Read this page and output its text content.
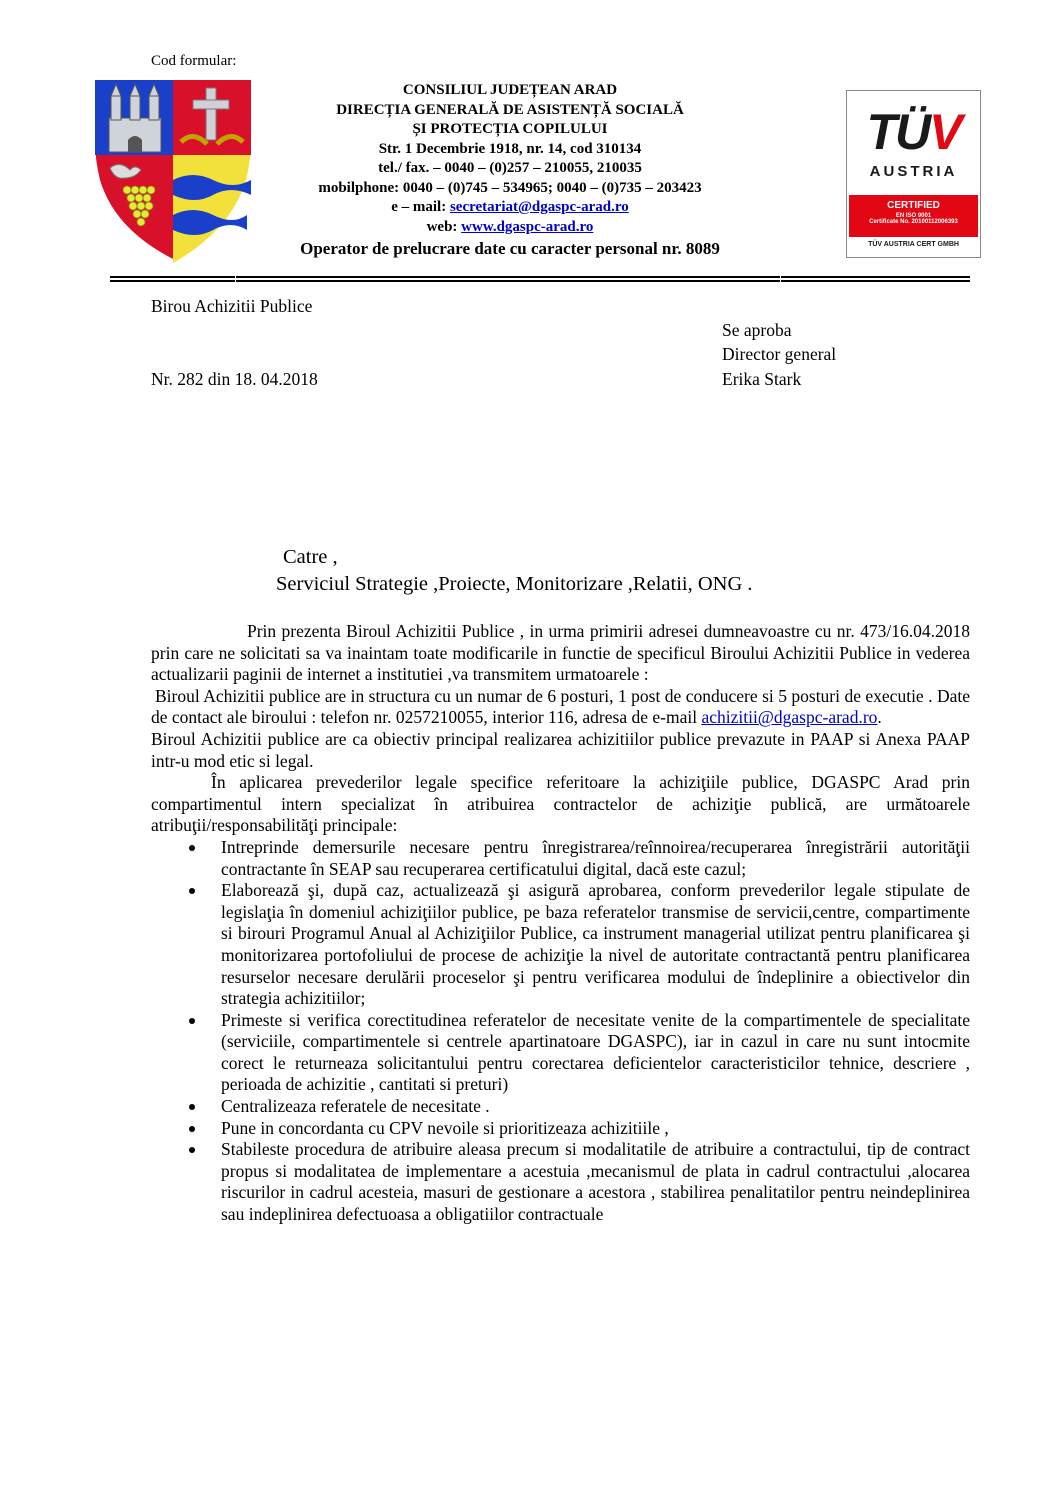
Cod formular:
CONSILIUL JUDEȚEAN ARAD
DIRECȚIA GENERALĂ DE ASISTENȚĂ SOCIALĂ
ȘI PROTECȚIA COPILULUI
Str. 1 Decembrie 1918, nr. 14, cod 310134
tel./ fax. – 0040 – (0)257 – 210055, 210035
mobilphone: 0040 – (0)745 – 534965; 0040 – (0)735 – 203423
e – mail: secretariat@dgaspc-arad.ro
web: www.dgaspc-arad.ro
Operator de prelucrare date cu caracter personal nr. 8089
TÜV
AUSTRIA
CERTIFIED
EN ISO 9001
Certificate No. 20100112006393
TÜV AUSTRIA CERT GMBH
Birou Achizitii Publice
Se aproba
Director general
Erika Stark
Nr. 282 din 18. 04.2018
Catre ,
Serviciul Strategie ,Proiecte, Monitorizare ,Relatii, ONG .

Prin prezenta Biroul Achizitii Publice , in urma primirii adresei dumneavoastre cu nr. 473/16.04.2018 prin care ne solicitati sa va inaintam toate modificarile in functie de specificul Biroului Achizitii Publice in vederea actualizarii paginii de internet a institutiei ,va transmitem urmatoarele :

Biroul Achizitii publice are in structura cu un numar de 6 posturi, 1 post de conducere si 5 posturi de executie . Date de contact ale biroului : telefon nr. 0257210055, interior 116, adresa de e-mail achizitii@dgaspc-arad.ro.

Biroul Achizitii publice are ca obiectiv principal realizarea achizitiilor publice prevazute in PAAP si Anexa PAAP intr-u mod etic si legal.

În aplicarea prevederilor legale specifice referitoare la achiziţiile publice, DGASPC Arad prin compartimentul intern specializat în atribuirea contractelor de achiziţie publică, are următoarele atribuţii/responsabilităţi principale:

Intreprinde demersurile necesare pentru înregistrarea/reînnoirea/recuperarea înregistrării autorităţii contractante în SEAP sau recuperarea certificatului digital, dacă este cazul;
Elaborează şi, după caz, actualizează şi asigură aprobarea, conform prevederilor legale stipulate de legislaţia în domeniul achiziţiilor publice, pe baza referatelor transmise de servicii,centre, compartimente si birouri Programul Anual al Achiziţiilor Publice, ca instrument managerial utilizat pentru planificarea şi monitorizarea portofoliului de procese de achiziţie la nivel de autoritate contractantă pentru planificarea resurselor necesare derulării proceselor şi pentru verificarea modului de îndeplinire a obiectivelor din strategia achizitiilor;
Primeste si verifica corectitudinea referatelor de necesitate venite de la compartimentele de specialitate (serviciile, compartimentele si centrele apartinatoare DGASPC), iar in cazul in care nu sunt intocmite corect le returneaza solicitantului pentru corectarea deficientelor caracteristicilor tehnice, descriere , perioada de achizitie , cantitati si preturi)
Centralizeaza referatele de necesitate .
Pune in concordanta cu CPV nevoile si prioritizeaza achizitiile ,
Stabileste procedura de atribuire aleasa precum si modalitatile de atribuire a contractului, tip de contract propus si modalitatea de implementare a acestuia ,mecanismul de plata in cadrul contractului ,alocarea riscurilor in cadrul acesteia, masuri de gestionare a acestora , stabilirea penalitatilor pentru neindeplinirea sau indeplinirea defectuoasa a obligatiilor contractuale
